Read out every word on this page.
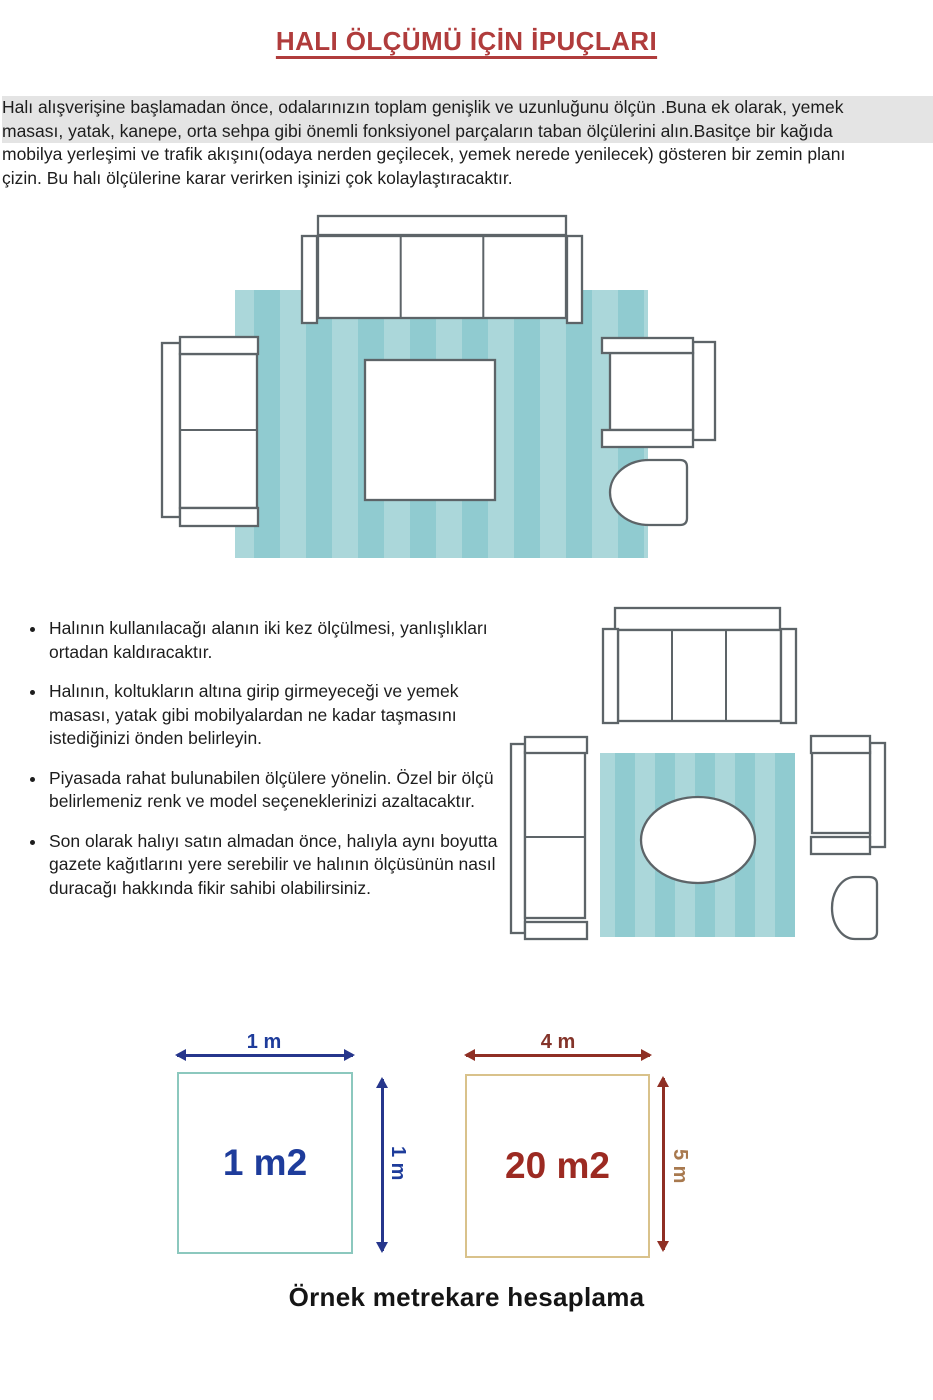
HALI ÖLÇÜMÜ İÇİN İPUÇLARI
Halı alışverişine başlamadan önce, odalarınızın toplam genişlik ve uzunluğunu ölçün .Buna ek olarak, yemek
masası, yatak, kanepe, orta sehpa gibi önemli fonksiyonel parçaların taban ölçülerini alın.Basitçe bir kağıda
mobilya yerleşimi ve trafik akışını(odaya nerden geçilecek, yemek nerede yenilecek) gösteren bir zemin planı
çizin. Bu halı ölçülerine karar verirken işinizi çok kolaylaştıracaktır.
• Halının kullanılacağı alanın iki kez ölçülmesi, yanlışlıkları ortadan kaldıracaktır.
• Halının, koltukların altına girip girmeyeceği ve yemek masası, yatak gibi mobilyalardan ne kadar taşmasını istediğinizi önden belirleyin.
• Piyasada rahat bulunabilen ölçülere yönelin. Özel bir ölçü belirlemeniz renk ve model seçeneklerinizi azaltacaktır.
• Son olarak halıyı satın almadan önce, halıyla aynı boyutta gazete kağıtlarını yere serebilir ve halının ölçüsünün nasıl duracağı hakkında fikir sahibi olabilirsiniz.
1 m
1 m2	1 m
4 m
20 m2	5 m
Örnek metrekare hesaplama
